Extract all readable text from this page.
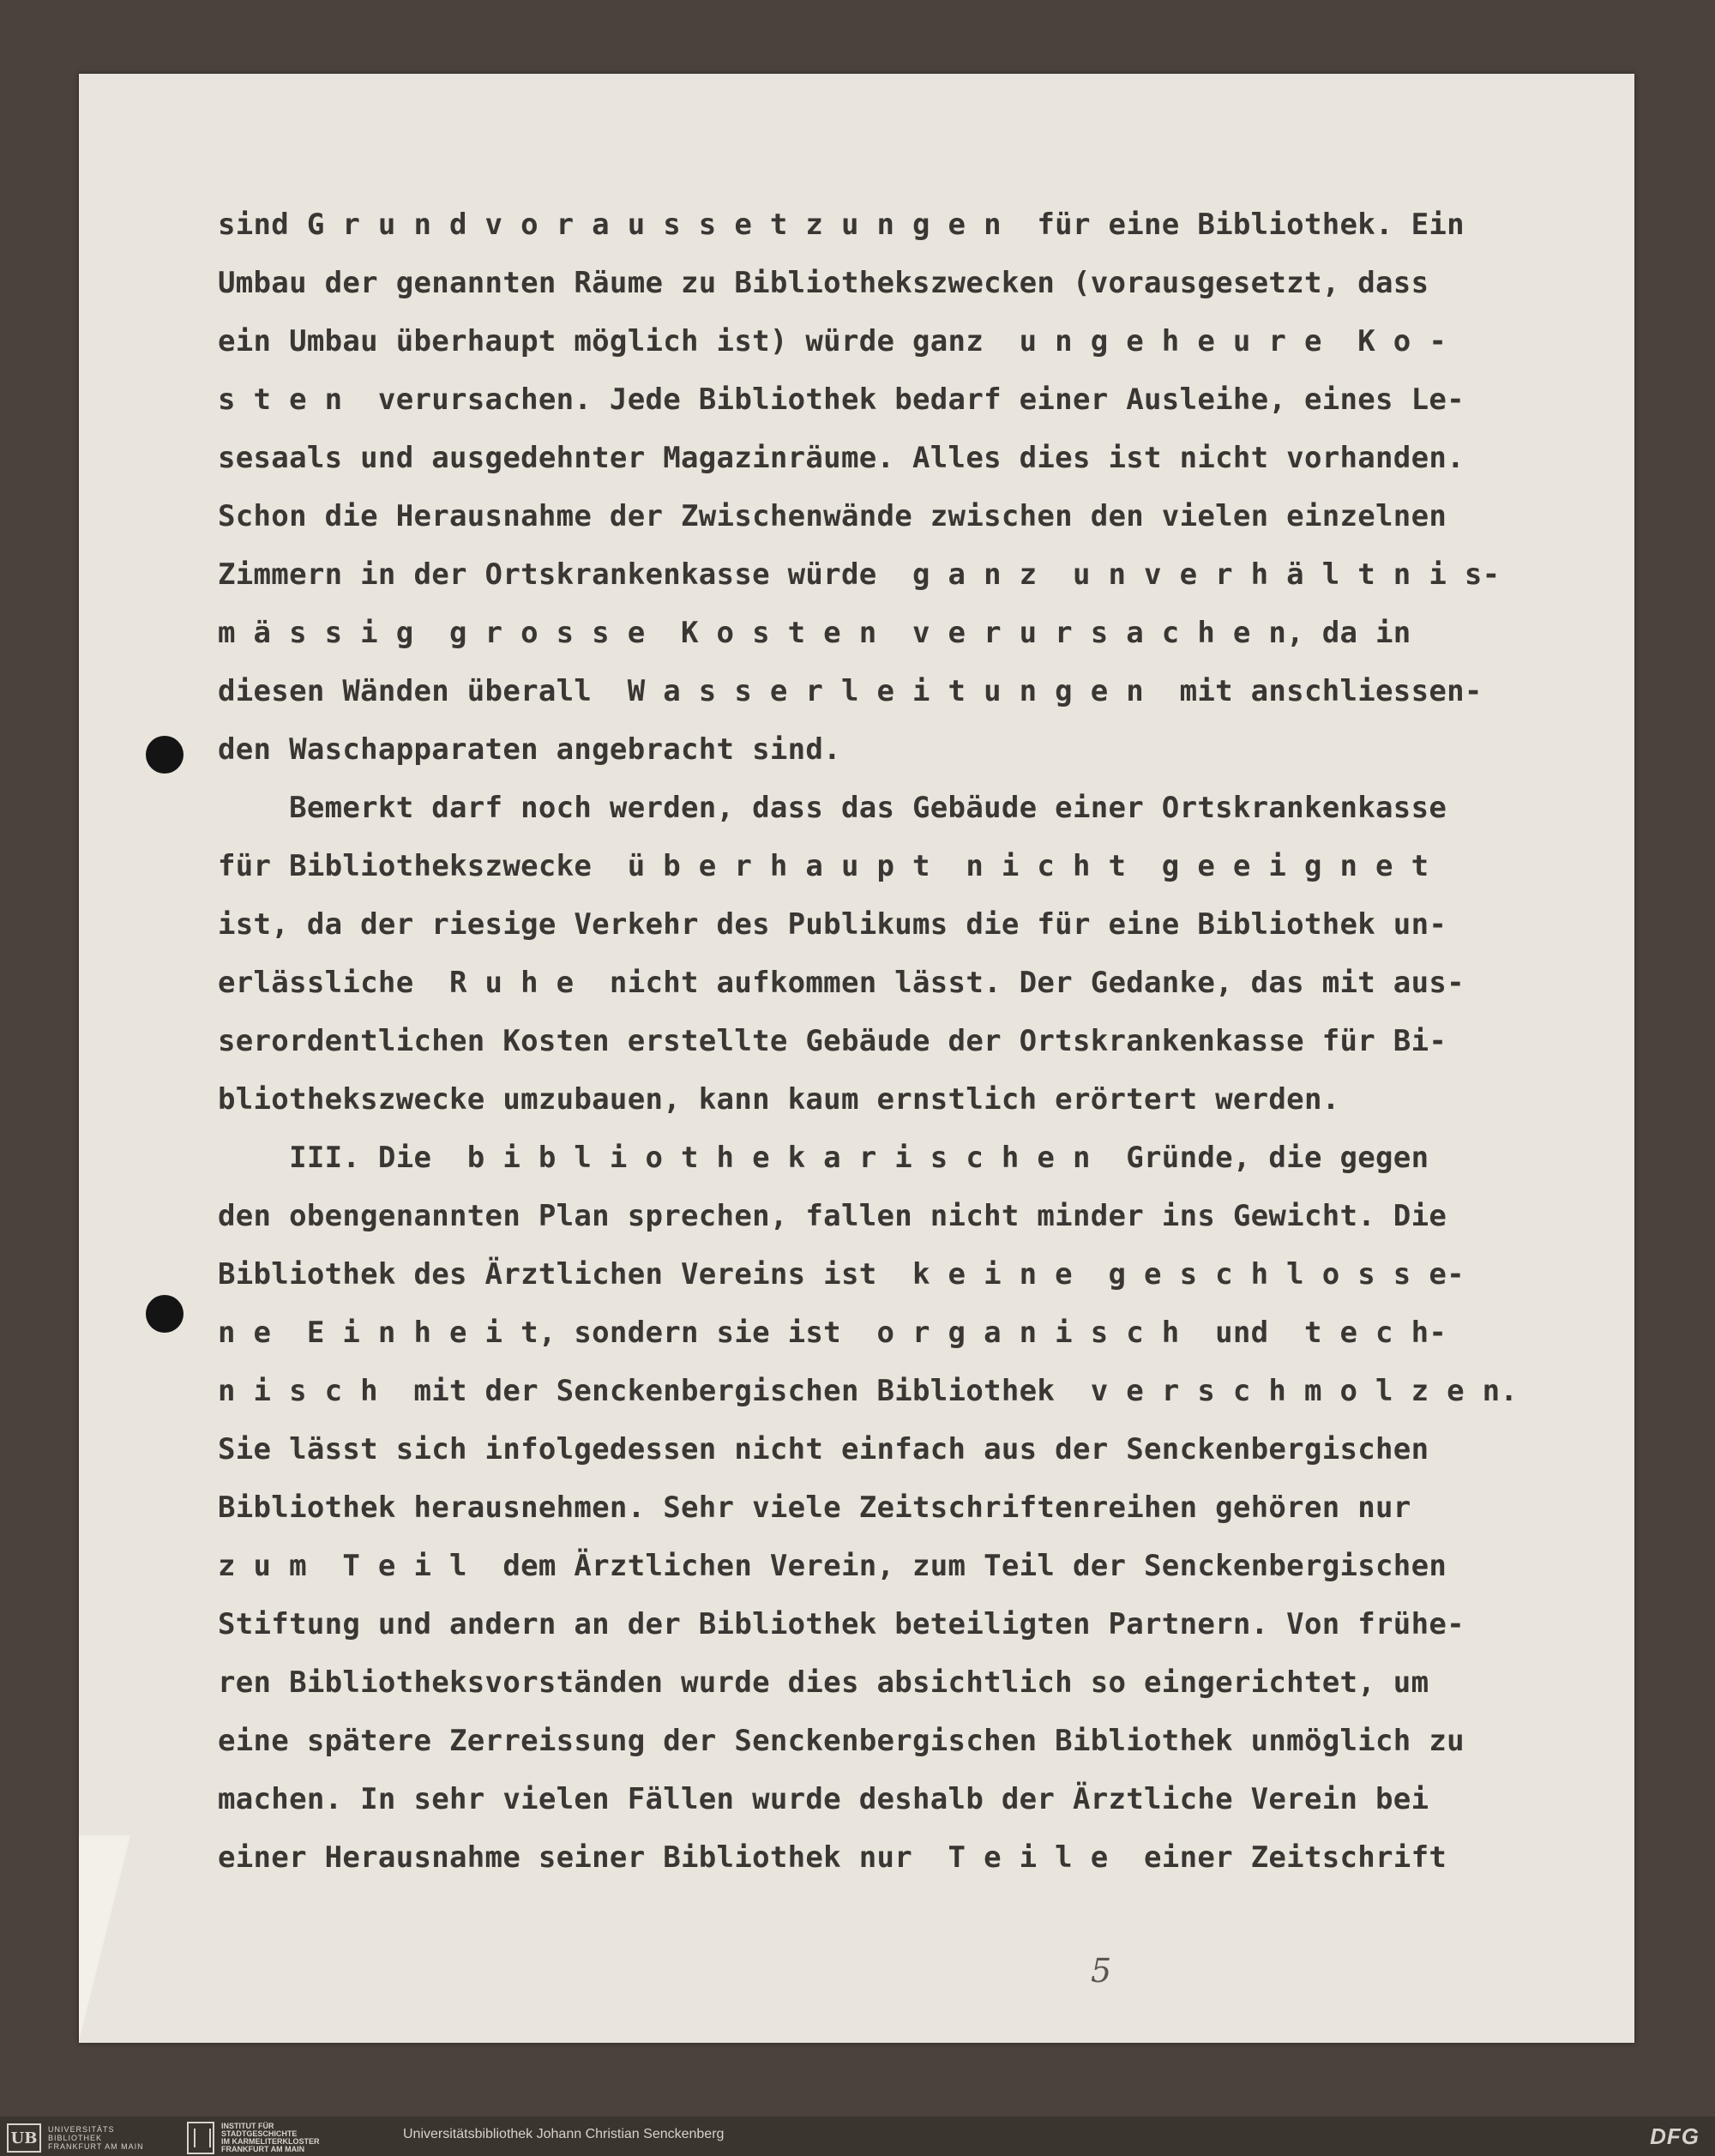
sind G r u n d v o r a u s s e t z u n g e n  für eine Bibliothek. Ein
Umbau der genannten Räume zu Bibliothekszwecken (vorausgesetzt, dass
ein Umbau überhaupt möglich ist) würde ganz  u n g e h e u r e  K o -
s t e n  verursachen. Jede Bibliothek bedarf einer Ausleihe, eines Le-
sesaals und ausgedehnter Magazinräume. Alles dies ist nicht vorhanden.
Schon die Herausnahme der Zwischenwände zwischen den vielen einzelnen
Zimmern in der Ortskrankenkasse würde  g a n z  u n v e r h ä l t n i s-
m ä s s i g  g r o s s e  K o s t e n  v e r u r s a c h e n, da in
diesen Wänden überall  W a s s e r l e i t u n g e n  mit anschliessen-
den Waschapparaten angebracht sind.
Bemerkt darf noch werden, dass das Gebäude einer Ortskrankenkasse
für Bibliothekszwecke  ü b e r h a u p t  n i c h t  g e e i g n e t
ist, da der riesige Verkehr des Publikums die für eine Bibliothek un-
erlässliche  R u h e  nicht aufkommen lässt. Der Gedanke, das mit aus-
serordentlichen Kosten erstellte Gebäude der Ortskrankenkasse für Bi-
bliothekszwecke umzubauen, kann kaum ernstlich erörtert werden.
III. Die  b i b l i o t h e k a r i s c h e n  Gründe, die gegen
den obengenannten Plan sprechen, fallen nicht minder ins Gewicht. Die
Bibliothek des Ärztlichen Vereins ist  k e i n e  g e s c h l o s s e-
n e  E i n h e i t, sondern sie ist  o r g a n i s c h  und  t e c h-
n i s c h  mit der Senckenbergischen Bibliothek  v e r s c h m o l z e n.
Sie lässt sich infolgedessen nicht einfach aus der Senckenbergischen
Bibliothek herausnehmen. Sehr viele Zeitschriftenreihen gehören nur
z u m  T e i l  dem Ärztlichen Verein, zum Teil der Senckenbergischen
Stiftung und andern an der Bibliothek beteiligten Partnern. Von frühe-
ren Bibliotheksvorständen wurde dies absichtlich so eingerichtet, um
eine spätere Zerreissung der Senckenbergischen Bibliothek unmöglich zu
machen. In sehr vielen Fällen wurde deshalb der Ärztliche Verein bei
einer Herausnahme seiner Bibliothek nur  T e i l e  einer Zeitschrift
5
UB	UNIVERSITÄTS
BIBLIOTHEK
FRANKFURT AM MAIN
INSTITUT FÜR
STADTGESCHICHTE
IM KARMELITERKLOSTER
FRANKFURT AM MAIN
Universitätsbibliothek Johann Christian Senckenberg	DFG
